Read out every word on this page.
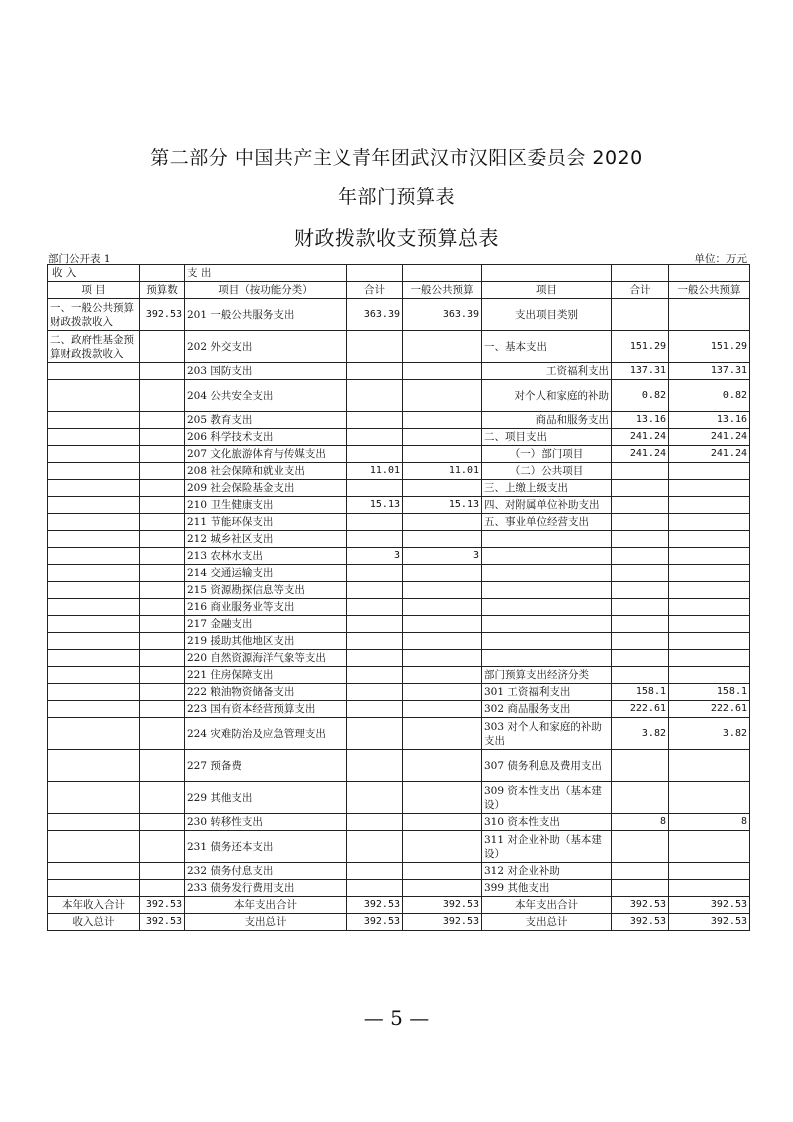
第二部分 中国共产主义青年团武汉市汉阳区委员会 2020
年部门预算表
财政拨款收支预算总表
部门公开表 1	单位：万元
收 入		支 出					
项 目	预算数	项目（按功能分类）	合计	一般公共预算	项目	合计	一般公共预算
一、一般公共预算财政拨款收入	392.53	201 一般公共服务支出	363.39	363.39	支出项目类别		
二、政府性基金预算财政拨款收入		202 外交支出			一、基本支出	151.29	151.29
		203 国防支出			工资福利支出	137.31	137.31
		204 公共安全支出			对个人和家庭的补助	0.82	0.82
		205 教育支出			商品和服务支出	13.16	13.16
		206 科学技术支出			二、项目支出	241.24	241.24
		207 文化旅游体育与传媒支出			（一）部门项目	241.24	241.24
		208 社会保障和就业支出	11.01	11.01	（二）公共项目		
		209 社会保险基金支出			三、上缴上级支出		
		210 卫生健康支出	15.13	15.13	四、对附属单位补助支出		
		211 节能环保支出			五、事业单位经营支出		
		212 城乡社区支出					
		213 农林水支出	3	3			
		214 交通运输支出					
		215 资源勘探信息等支出					
		216 商业服务业等支出					
		217 金融支出					
		219 援助其他地区支出					
		220 自然资源海洋气象等支出					
		221 住房保障支出			部门预算支出经济分类		
		222 粮油物资储备支出			301 工资福利支出	158.1	158.1
		223 国有资本经营预算支出			302 商品服务支出	222.61	222.61
		224 灾难防治及应急管理支出			303 对个人和家庭的补助支出	3.82	3.82
		227 预备费			307 债务利息及费用支出		
		229 其他支出			309 资本性支出（基本建设）		
		230 转移性支出			310 资本性支出	8	8
		231 债务还本支出			311 对企业补助（基本建设）		
		232 债务付息支出			312 对企业补助		
		233 债务发行费用支出			399 其他支出		
本年收入合计	392.53	本年支出合计	392.53	392.53	本年支出合计	392.53	392.53
收入总计	392.53	支出总计	392.53	392.53	支出总计	392.53	392.53
— 5 —
